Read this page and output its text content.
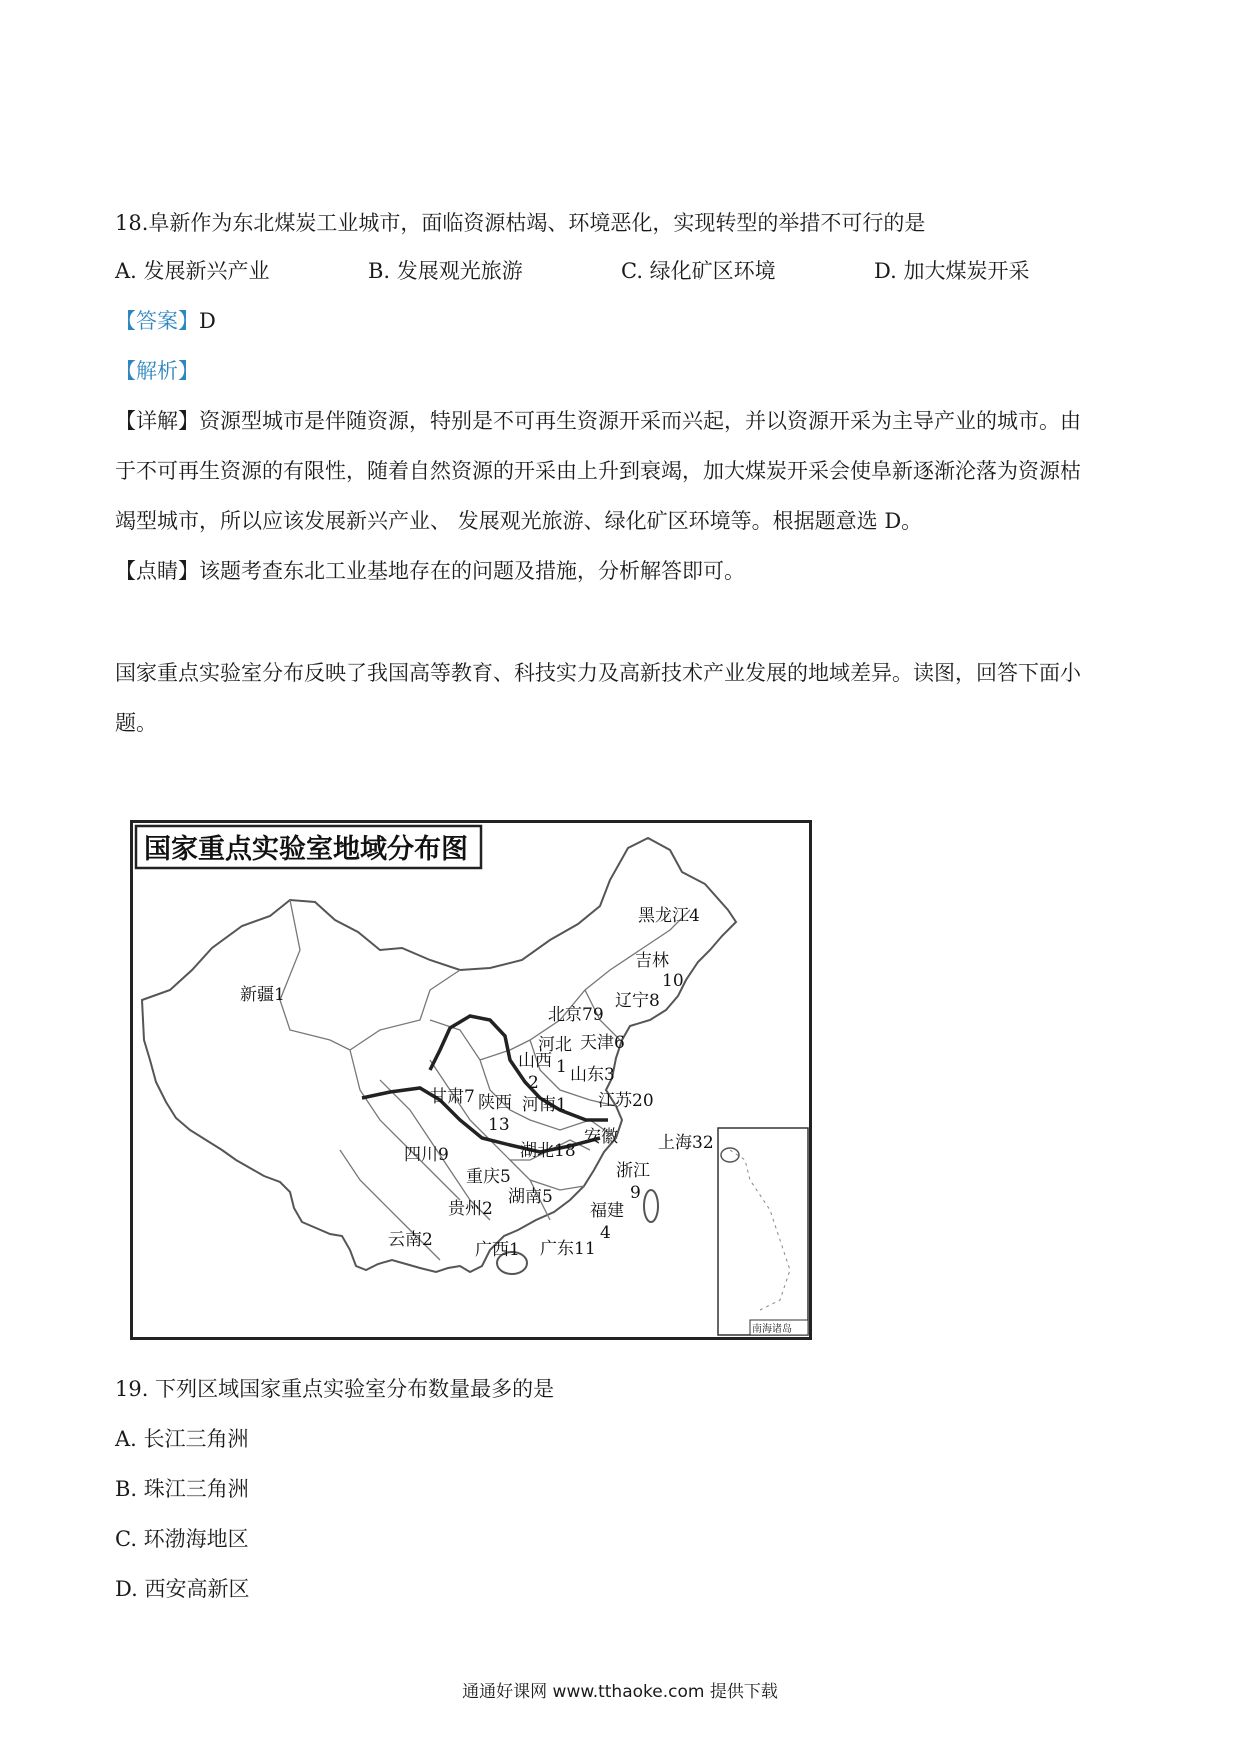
18.阜新作为东北煤炭工业城市，面临资源枯竭、环境恶化，实现转型的举措不可行的是
A. 发展新兴产业	B. 发展观光旅游	C. 绿化矿区环境	D. 加大煤炭开采
【答案】D
【解析】
【详解】资源型城市是伴随资源，特别是不可再生资源开采而兴起，并以资源开采为主导产业的城市。由
于不可再生资源的有限性，随着自然资源的开采由上升到衰竭，加大煤炭开采会使阜新逐渐沦落为资源枯
竭型城市，所以应该发展新兴产业、 发展观光旅游、绿化矿区环境等。根据题意选 D。
【点睛】该题考查东北工业基地存在的问题及措施，分析解答即可。
国家重点实验室分布反映了我国高等教育、科技实力及高新技术产业发展的地域差异。读图，回答下面小
题。
国家重点实验室地域分布图
南海诸岛
新疆1
黑龙江4
吉林
10
辽宁8
北京79
河北 天津6
山西
2
1 山东3
甘肃7 陕西
13
河南1 江苏20
上海32
安徽
湖北18
四川9
重庆5	浙江
9
湖南5
贵州2	福建
4
云南2 广西1 广东11
19. 下列区域国家重点实验室分布数量最多的是
A. 长江三角洲
B. 珠江三角洲
C. 环渤海地区
D. 西安高新区
通通好课网 www.tthaoke.com 提供下载
